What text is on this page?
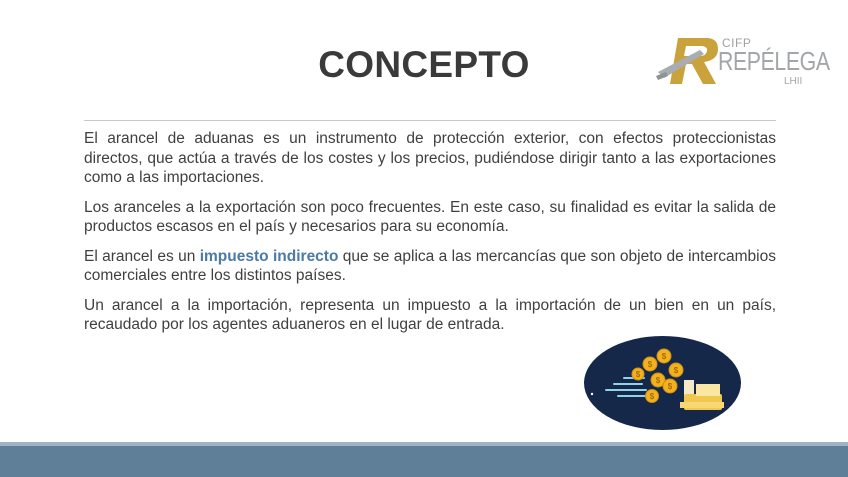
CONCEPTO
CIFP
REPÉLEGA
LHII

El arancel de aduanas es un instrumento de protección exterior, con efectos proteccionistas directos, que actúa a través de los costes y los precios, pudiéndose dirigir tanto a las exportaciones como a las importaciones.

Los aranceles a la exportación son poco frecuentes. En este caso, su finalidad es evitar la salida de productos escasos en el país y necesarios para su economía.

El arancel es un impuesto indirecto que se aplica a las mercancías que son objeto de intercambios comerciales entre los distintos países.

Un arancel a la importación, representa un impuesto a la importación de un bien en un país, recaudado por los agentes aduaneros en el lugar de entrada.

$
$
$
$
$
$
$
